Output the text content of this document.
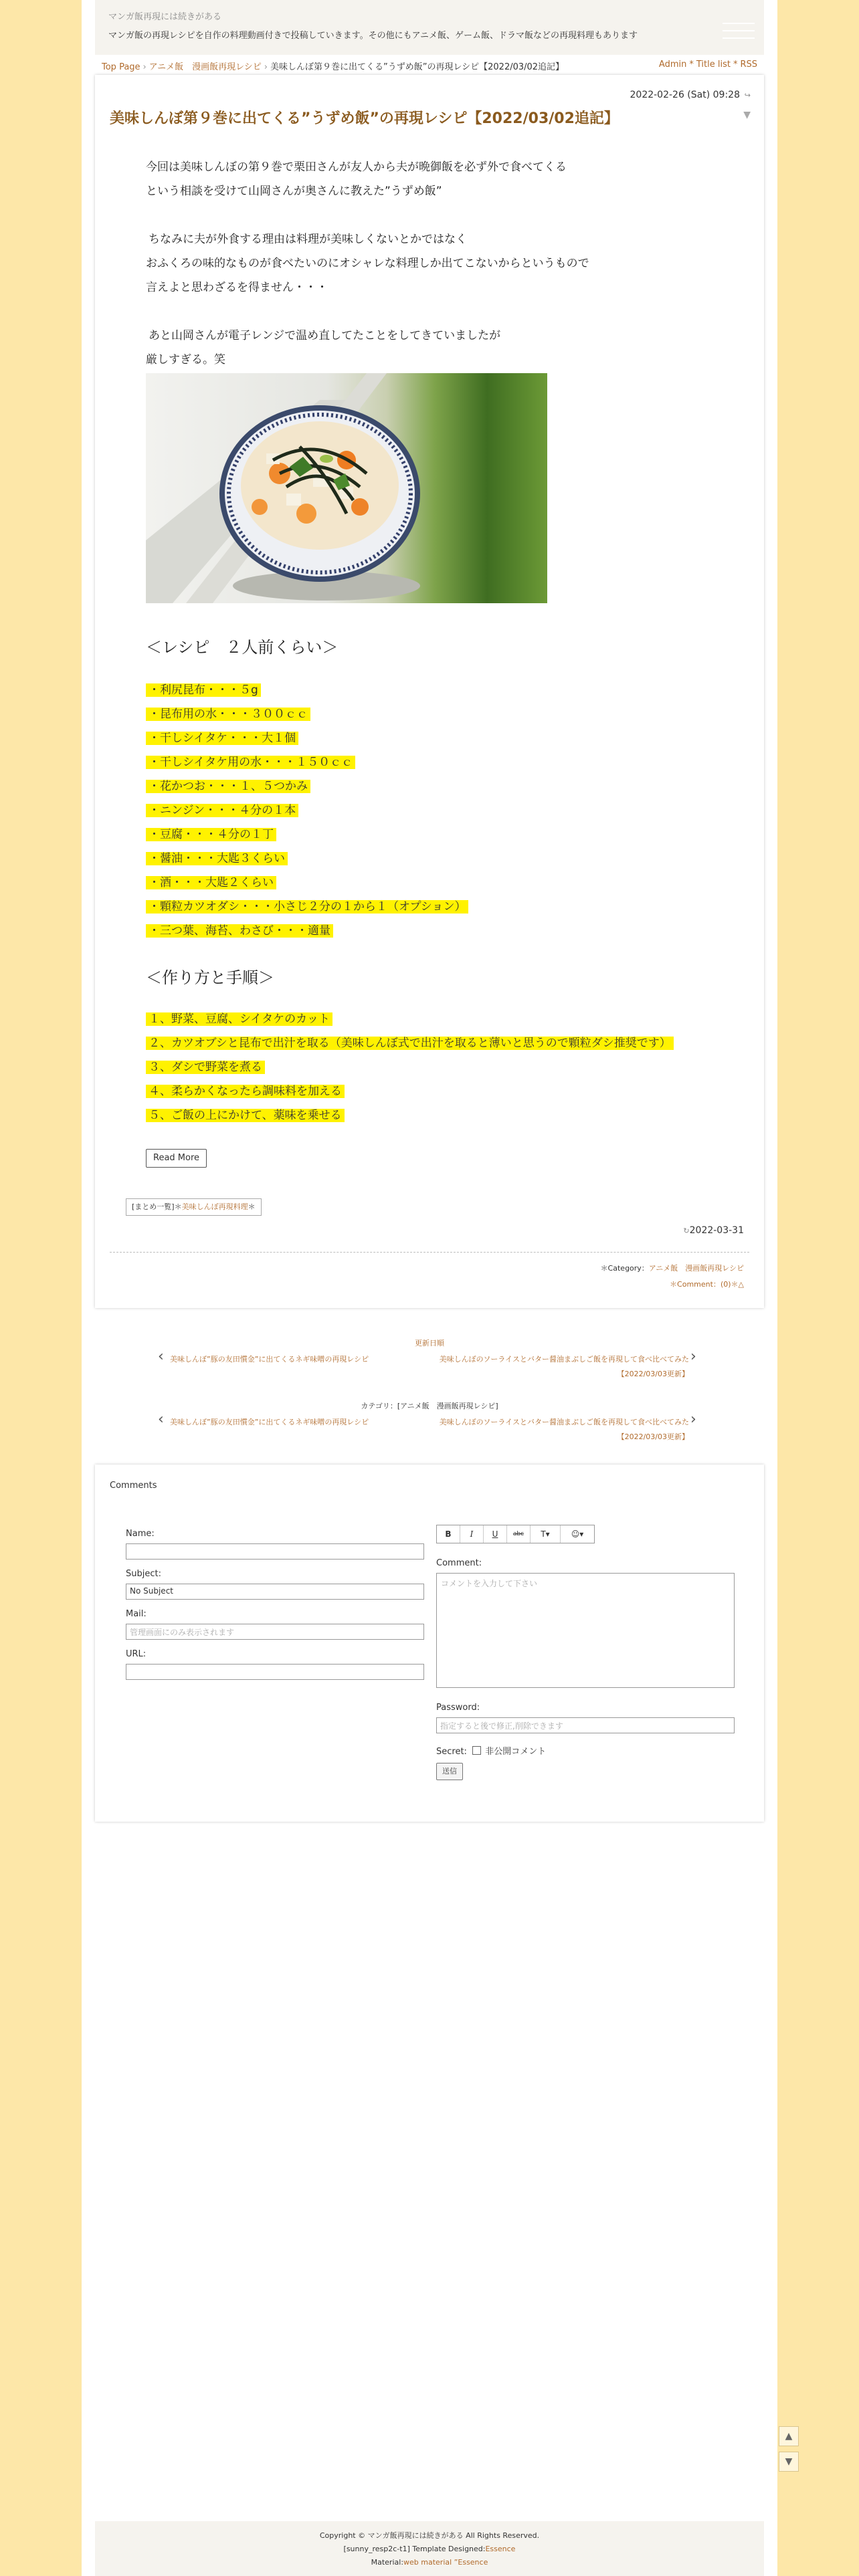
マンガ飯再現には続きがある
マンガ飯の再現レシピを自作の料理動画付きで投稿していきます。その他にもアニメ飯、ゲーム飯、ドラマ飯などの再現料理もあります
Top Page › アニメ飯　漫画飯再現レシピ › 美味しんぼ第９巻に出てくる”うずめ飯”の再現レシピ【2022/03/02追記】	Admin * Title list * RSS
2022-02-26 (Sat) 09:28 ↪
美味しんぼ第９巻に出てくる”うずめ飯”の再現レシピ【2022/03/02追記】	▼
今回は美味しんぼの第９巻で栗田さんが友人から夫が晩御飯を必ず外で食べてくる
という相談を受けて山岡さんが奥さんに教えた”うずめ飯”
ちなみに夫が外食する理由は料理が美味しくないとかではなく
おふくろの味的なものが食べたいのにオシャレな料理しか出てこないからというもので
言えよと思わざるを得ません・・・
あと山岡さんが電子レンジで温め直してたことをしてきていましたが
厳しすぎる。笑
＜レシピ　２人前くらい＞
・利尻昆布・・・５g
・昆布用の水・・・３００ｃｃ
・干しシイタケ・・・大１個
・干しシイタケ用の水・・・１５０ｃｃ
・花かつお・・・１、５つかみ
・ニンジン・・・４分の１本
・豆腐・・・４分の１丁
・醤油・・・大匙３くらい
・酒・・・大匙２くらい
・顆粒カツオダシ・・・小さじ２分の１から１（オプション）
・三つ葉、海苔、わさび・・・適量
＜作り方と手順＞
１、野菜、豆腐、シイタケのカット
２、カツオブシと昆布で出汁を取る（美味しんぼ式で出汁を取ると薄いと思うので顆粒ダシ推奨です）
３、ダシで野菜を煮る
４、柔らかくなったら調味料を加える
５、ご飯の上にかけて、薬味を乗せる
Read More
[まとめ一覧]＊美味しんぼ再現料理＊
↻2022-03-31
＊Category：アニメ飯　漫画飯再現レシピ
＊Comment：(0)＊△
更新日順
‹ 美味しんぼ”豚の友田慣金”に出てくるネギ味噌の再現レシピ	美味しんぼのソーライスとバター醤油まぶしご飯を再現して食べ比べてみた ›
【2022/03/03更新】
カテゴリ：[アニメ飯　漫画飯再現レシピ]
‹ 美味しんぼ”豚の友田慣金”に出てくるネギ味噌の再現レシピ	美味しんぼのソーライスとバター醤油まぶしご飯を再現して食べ比べてみた ›
【2022/03/03更新】
Comments
Name:
Subject:
No Subject
Mail:
管理画面にのみ表示されます
URL:
B	I	U	abc	T▾	☺▾
Comment:
コメントを入力して下さい
Password:
指定すると後で修正,削除できます
Secret: 非公開コメント
送信
Copyright © マンガ飯再現には続きがある All Rights Reserved.
[sunny_resp2c-t1] Template Designed:Essence
Material:web material ”Essence
▲
▼
